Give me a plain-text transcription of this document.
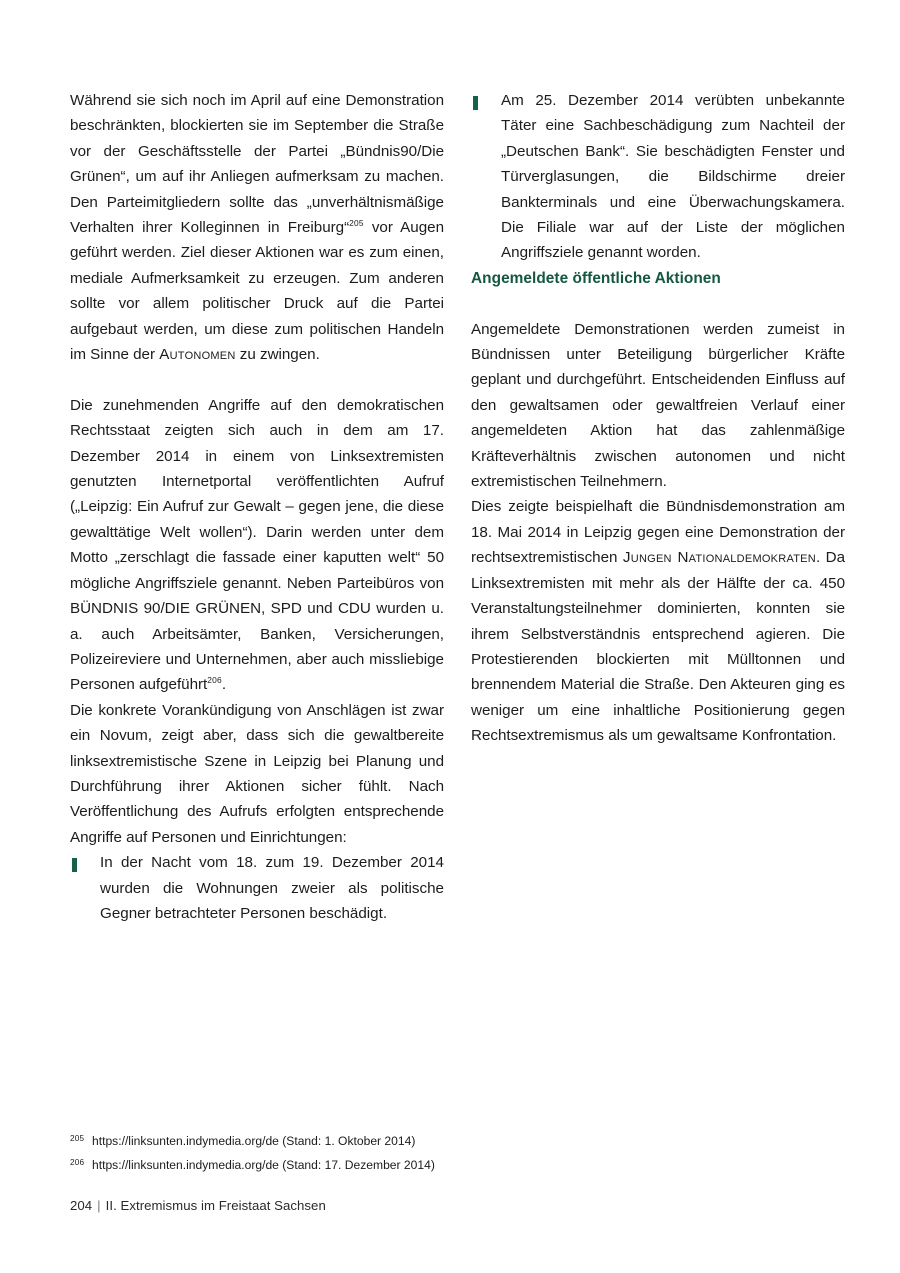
Während sie sich noch im April auf eine Demonstration beschränkten, blockierten sie im September die Straße vor der Geschäftsstelle der Partei „Bündnis90/Die Grünen“, um auf ihr Anliegen aufmerksam zu machen. Den Parteimitgliedern sollte das „unverhältnismäßige Verhalten ihrer Kolleginnen in Freiburg“$^{205}$ vor Augen geführt werden. Ziel dieser Aktionen war es zum einen, mediale Aufmerksamkeit zu erzeugen. Zum anderen sollte vor allem politischer Druck auf die Partei aufgebaut werden, um diese zum politischen Handeln im Sinne der Autonomen zu zwingen.

Die zunehmenden Angriffe auf den demokratischen Rechtsstaat zeigten sich auch in dem am 17. Dezember 2014 in einem von Linksextremisten genutzten Internetportal veröffentlichten Aufruf („Leipzig: Ein Aufruf zur Gewalt – gegen jene, die diese gewalttätige Welt wollen“). Darin werden unter dem Motto „zerschlagt die fassade einer kaputten welt“ 50 mögliche Angriffsziele genannt. Neben Parteibüros von BÜNDNIS 90/DIE GRÜNEN, SPD und CDU wurden u. a. auch Arbeitsämter, Banken, Versicherungen, Polizeireviere und Unternehmen, aber auch missliebige Personen aufgeführt$^{206}$.

Die konkrete Vorankündigung von Anschlägen ist zwar ein Novum, zeigt aber, dass sich die gewaltbereite linksextremistische Szene in Leipzig bei Planung und Durchführung ihrer Aktionen sicher fühlt. Nach Veröffentlichung des Aufrufs erfolgten entsprechende Angriffe auf Personen und Einrichtungen:

In der Nacht vom 18. zum 19. Dezember 2014 wurden die Wohnungen zweier als politische Gegner betrachteter Personen beschädigt.
Am 25. Dezember 2014 verübten unbekannte Täter eine Sachbeschädigung zum Nachteil der „Deutschen Bank“. Sie beschädigten Fenster und Türverglasungen, die Bildschirme dreier Bankterminals und eine Überwachungskamera. Die Filiale war auf der Liste der möglichen Angriffsziele genannt worden.
Angemeldete öffentliche Aktionen

Angemeldete Demonstrationen werden zumeist in Bündnissen unter Beteiligung bürgerlicher Kräfte geplant und durchgeführt. Entscheidenden Einfluss auf den gewaltsamen oder gewaltfreien Verlauf einer angemeldeten Aktion hat das zahlenmäßige Kräfteverhältnis zwischen autonomen und nicht extremistischen Teilnehmern.

Dies zeigte beispielhaft die Bündnisdemonstration am 18. Mai 2014 in Leipzig gegen eine Demonstration der rechtsextremistischen Jungen Nationaldemokraten. Da Linksextremisten mit mehr als der Hälfte der ca. 450 Veranstaltungsteilnehmer dominierten, konnten sie ihrem Selbstverständnis entsprechend agieren. Die Protestierenden blockierten mit Mülltonnen und brennendem Material die Straße. Den Akteuren ging es weniger um eine inhaltliche Positionierung gegen Rechtsextremismus als um gewaltsame Konfrontation.

205 https://linksunten.indymedia.org/de (Stand: 1. Oktober 2014)
206 https://linksunten.indymedia.org/de (Stand: 17. Dezember 2014)
204 | II. Extremismus im Freistaat Sachsen
